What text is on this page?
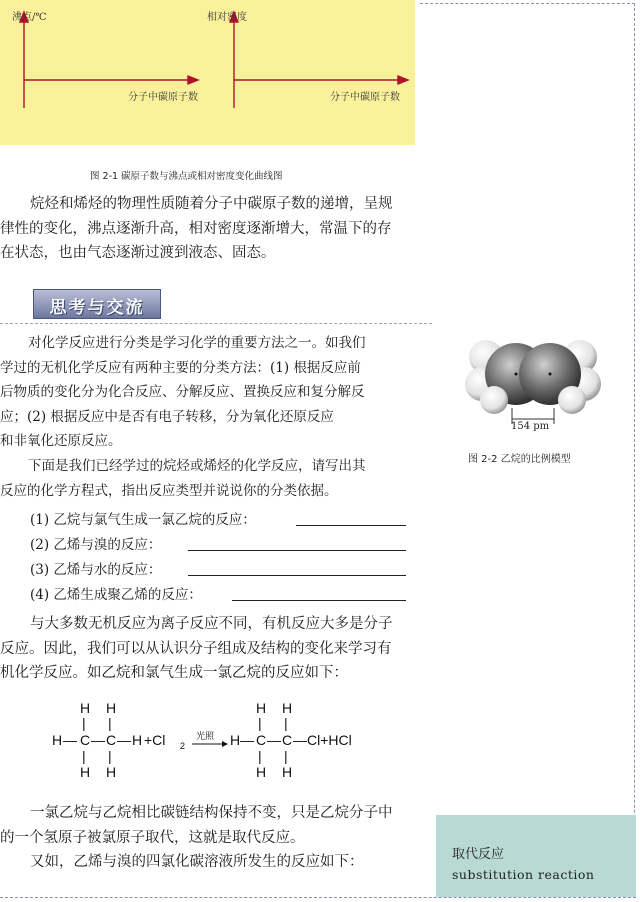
沸点/℃
分子中碳原子数
相对密度
分子中碳原子数
图 2-1 碳原子数与沸点或相对密度变化曲线图
烷烃和烯烃的物理性质随着分子中碳原子数的递增，呈规
律性的变化，沸点逐渐升高，相对密度逐渐增大，常温下的存
在状态，也由气态逐渐过渡到液态、固态。
思考与交流
对化学反应进行分类是学习化学的重要方法之一。如我们
学过的无机化学反应有两种主要的分类方法：(1) 根据反应前
后物质的变化分为化合反应、分解反应、置换反应和复分解反
应；(2) 根据反应中是否有电子转移，分为氧化还原反应
和非氧化还原反应。
下面是我们已经学过的烷烃或烯烃的化学反应，请写出其
反应的化学方程式，指出反应类型并说说你的分类依据。
(1) 乙烷与氯气生成一氯乙烷的反应：
(2) 乙烯与溴的反应：
(3) 乙烯与水的反应：
(4) 乙烯生成聚乙烯的反应：
154 pm
图 2-2 乙烷的比例模型
与大多数无机反应为离子反应不同，有机反应大多是分子
反应。因此，我们可以从认识分子组成及结构的变化来学习有
机化学反应。如乙烷和氯气生成一氯乙烷的反应如下：
H H
| |
H — C — C — H +Cl 2
| |
H H
光照
H H
| |
H — C — C —Cl+HCl
| |
H H
一氯乙烷与乙烷相比碳链结构保持不变，只是乙烷分子中
的一个氢原子被氯原子取代，这就是取代反应。
又如，乙烯与溴的四氯化碳溶液所发生的反应如下：	取代反应
substitution reaction
